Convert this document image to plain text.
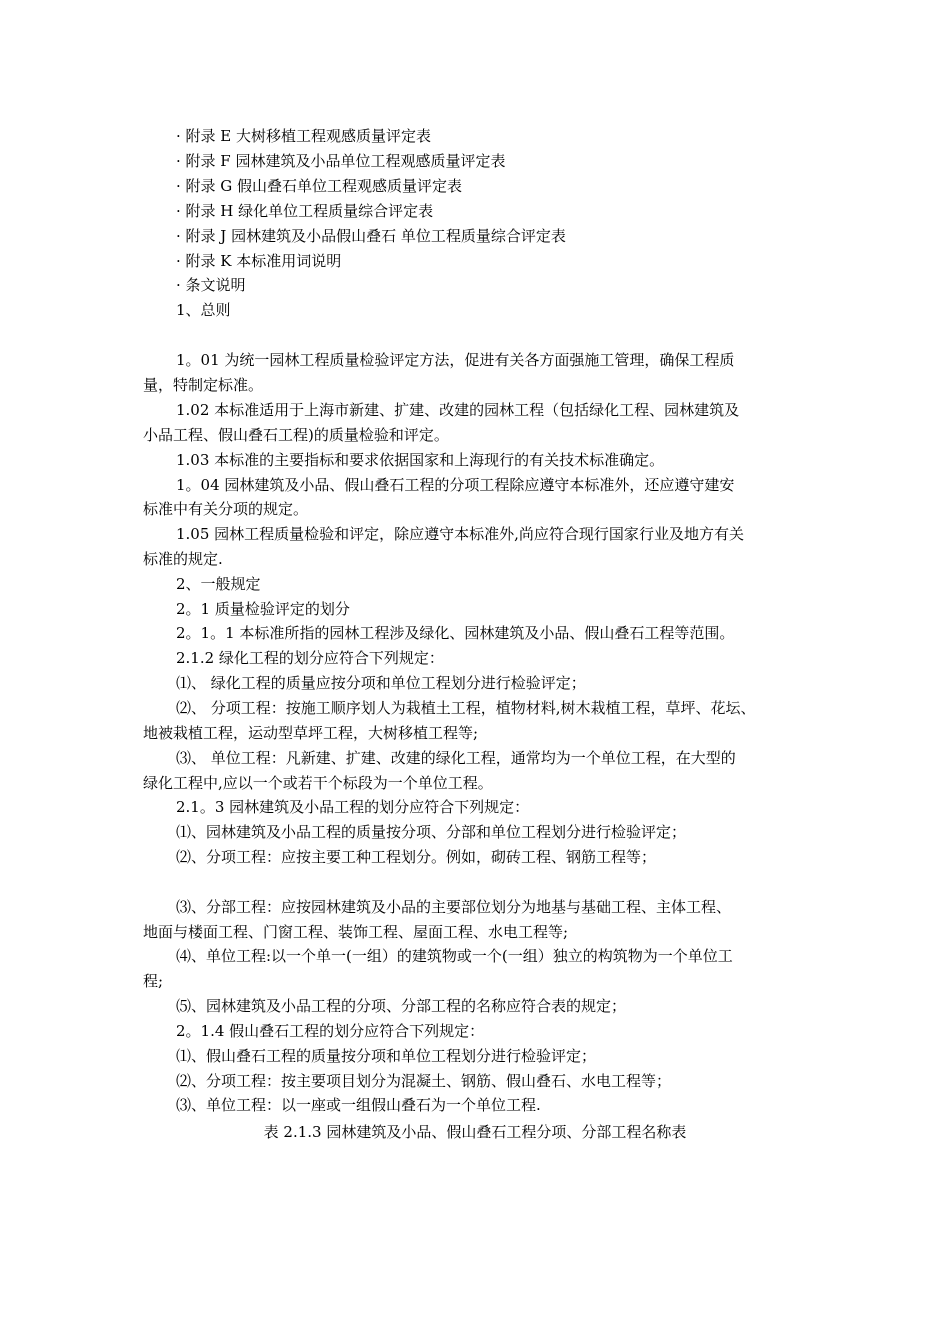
· 附录 E 大树移植工程观感质量评定表
· 附录 F 园林建筑及小品单位工程观感质量评定表
· 附录 G 假山叠石单位工程观感质量评定表
· 附录 H 绿化单位工程质量综合评定表
· 附录 J 园林建筑及小品假山叠石 单位工程质量综合评定表
· 附录 K 本标准用词说明
· 条文说明
1、总则
1。01 为统一园林工程质量检验评定方法，促进有关各方面强施工管理，确保工程质
量，特制定标准。
1.02 本标准适用于上海市新建、扩建、改建的园林工程（包括绿化工程、园林建筑及
小品工程、假山叠石工程)的质量检验和评定。
1.03 本标准的主要指标和要求依据国家和上海现行的有关技术标准确定。
1。04 园林建筑及小品、假山叠石工程的分项工程除应遵守本标准外，还应遵守建安
标准中有关分项的规定。
1.05 园林工程质量检验和评定，除应遵守本标准外,尚应符合现行国家行业及地方有关
标准的规定.
2、一般规定
2。1 质量检验评定的划分
2。1。1 本标准所指的园林工程涉及绿化、园林建筑及小品、假山叠石工程等范围。
2.1.2 绿化工程的划分应符合下列规定：
⑴、 绿化工程的质量应按分项和单位工程划分进行检验评定；
⑵、 分项工程：按施工顺序划人为栽植土工程，植物材料,树木栽植工程，草坪、花坛、
地被栽植工程，运动型草坪工程，大树移植工程等;
⑶、 单位工程：凡新建、扩建、改建的绿化工程，通常均为一个单位工程，在大型的
绿化工程中,应以一个或若干个标段为一个单位工程。
2.1。3 园林建筑及小品工程的划分应符合下列规定：
⑴、园林建筑及小品工程的质量按分项、分部和单位工程划分进行检验评定；
⑵、分项工程：应按主要工种工程划分。例如，砌砖工程、钢筋工程等；
⑶、分部工程：应按园林建筑及小品的主要部位划分为地基与基础工程、主体工程、
地面与楼面工程、门窗工程、装饰工程、屋面工程、水电工程等;
⑷、单位工程:以一个单一(一组）的建筑物或一个(一组）独立的构筑物为一个单位工
程;
⑸、园林建筑及小品工程的分项、分部工程的名称应符合表的规定；
2。1.4 假山叠石工程的划分应符合下列规定：
⑴、假山叠石工程的质量按分项和单位工程划分进行检验评定；
⑵、分项工程：按主要项目划分为混凝土、钢筋、假山叠石、水电工程等；
⑶、单位工程：以一座或一组假山叠石为一个单位工程.
表 2.1.3 园林建筑及小品、假山叠石工程分项、分部工程名称表
